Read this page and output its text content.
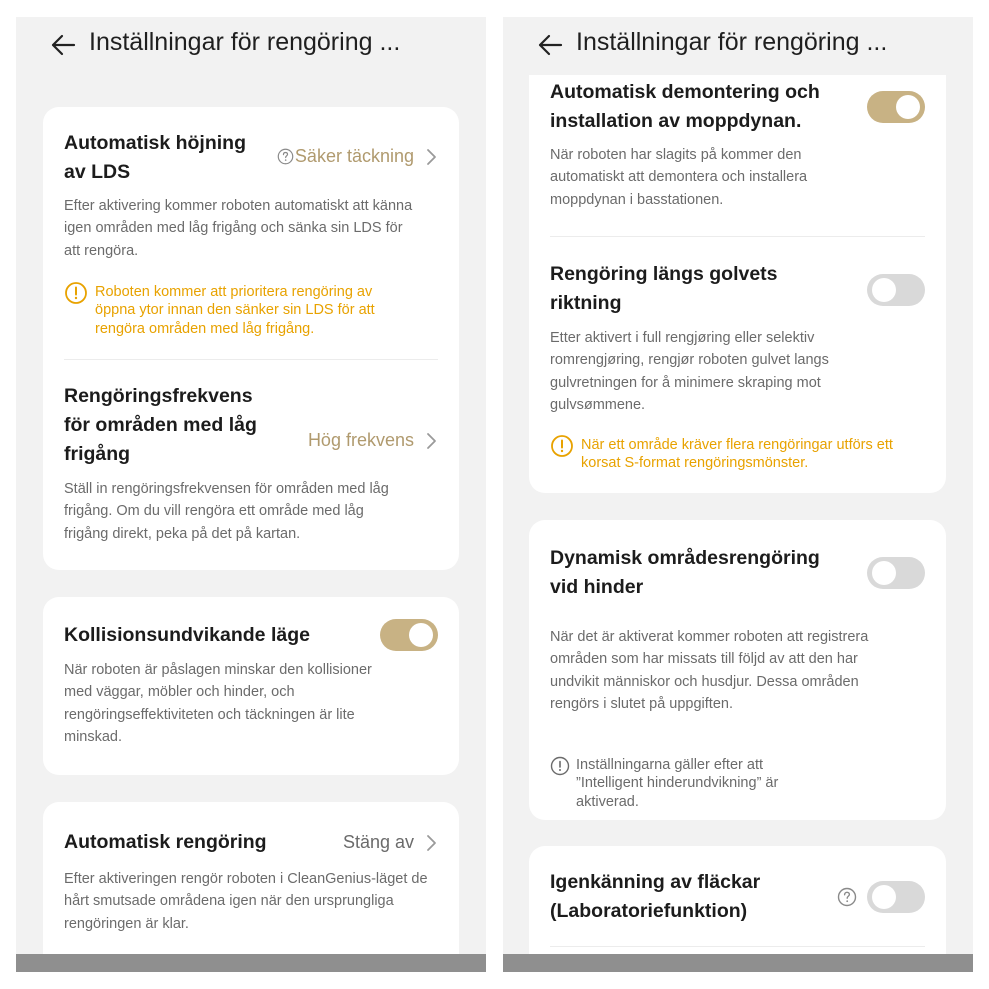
Inställningar för rengöring ...
Automatisk höjning
av LDS
Säker täckning
Efter aktivering kommer roboten automatiskt att känna igen områden med låg frigång och sänka sin LDS för att rengöra.
Roboten kommer att prioritera rengöring av öppna ytor innan den sänker sin LDS för att rengöra områden med låg frigång.
Rengöringsfrekvens
för områden med låg
frigång
Hög frekvens
Ställ in rengöringsfrekvensen för områden med låg frigång. Om du vill rengöra ett område med låg frigång direkt, peka på det på kartan.
Kollisionsundvikande läge
När roboten är påslagen minskar den kollisioner med väggar, möbler och hinder, och rengöringseffektiviteten och täckningen är lite minskad.
Automatisk rengöring	Stäng av
Efter aktiveringen rengör roboten i CleanGenius-läget de hårt smutsade områdena igen när den ursprungliga rengöringen är klar.
Inställningar för rengöring ...
Automatisk demontering och
installation av moppdynan.
När roboten har slagits på kommer den automatiskt att demontera och installera moppdynan i basstationen.
Rengöring längs golvets
riktning
Etter aktivert i full rengjøring eller selektiv romrengjøring, rengjør roboten gulvet langs gulvretningen for å minimere skraping mot gulvsømmene.
När ett område kräver flera rengöringar utförs ett korsat S-format rengöringsmönster.
Dynamisk områdesrengöring
vid hinder
När det är aktiverat kommer roboten att registrera områden som har missats till följd av att den har undvikit människor och husdjur. Dessa områden rengörs i slutet på uppgiften.
Inställningarna gäller efter att ”Intelligent hinderundvikning” är aktiverad.
Igenkänning av fläckar
(Laboratoriefunktion)
